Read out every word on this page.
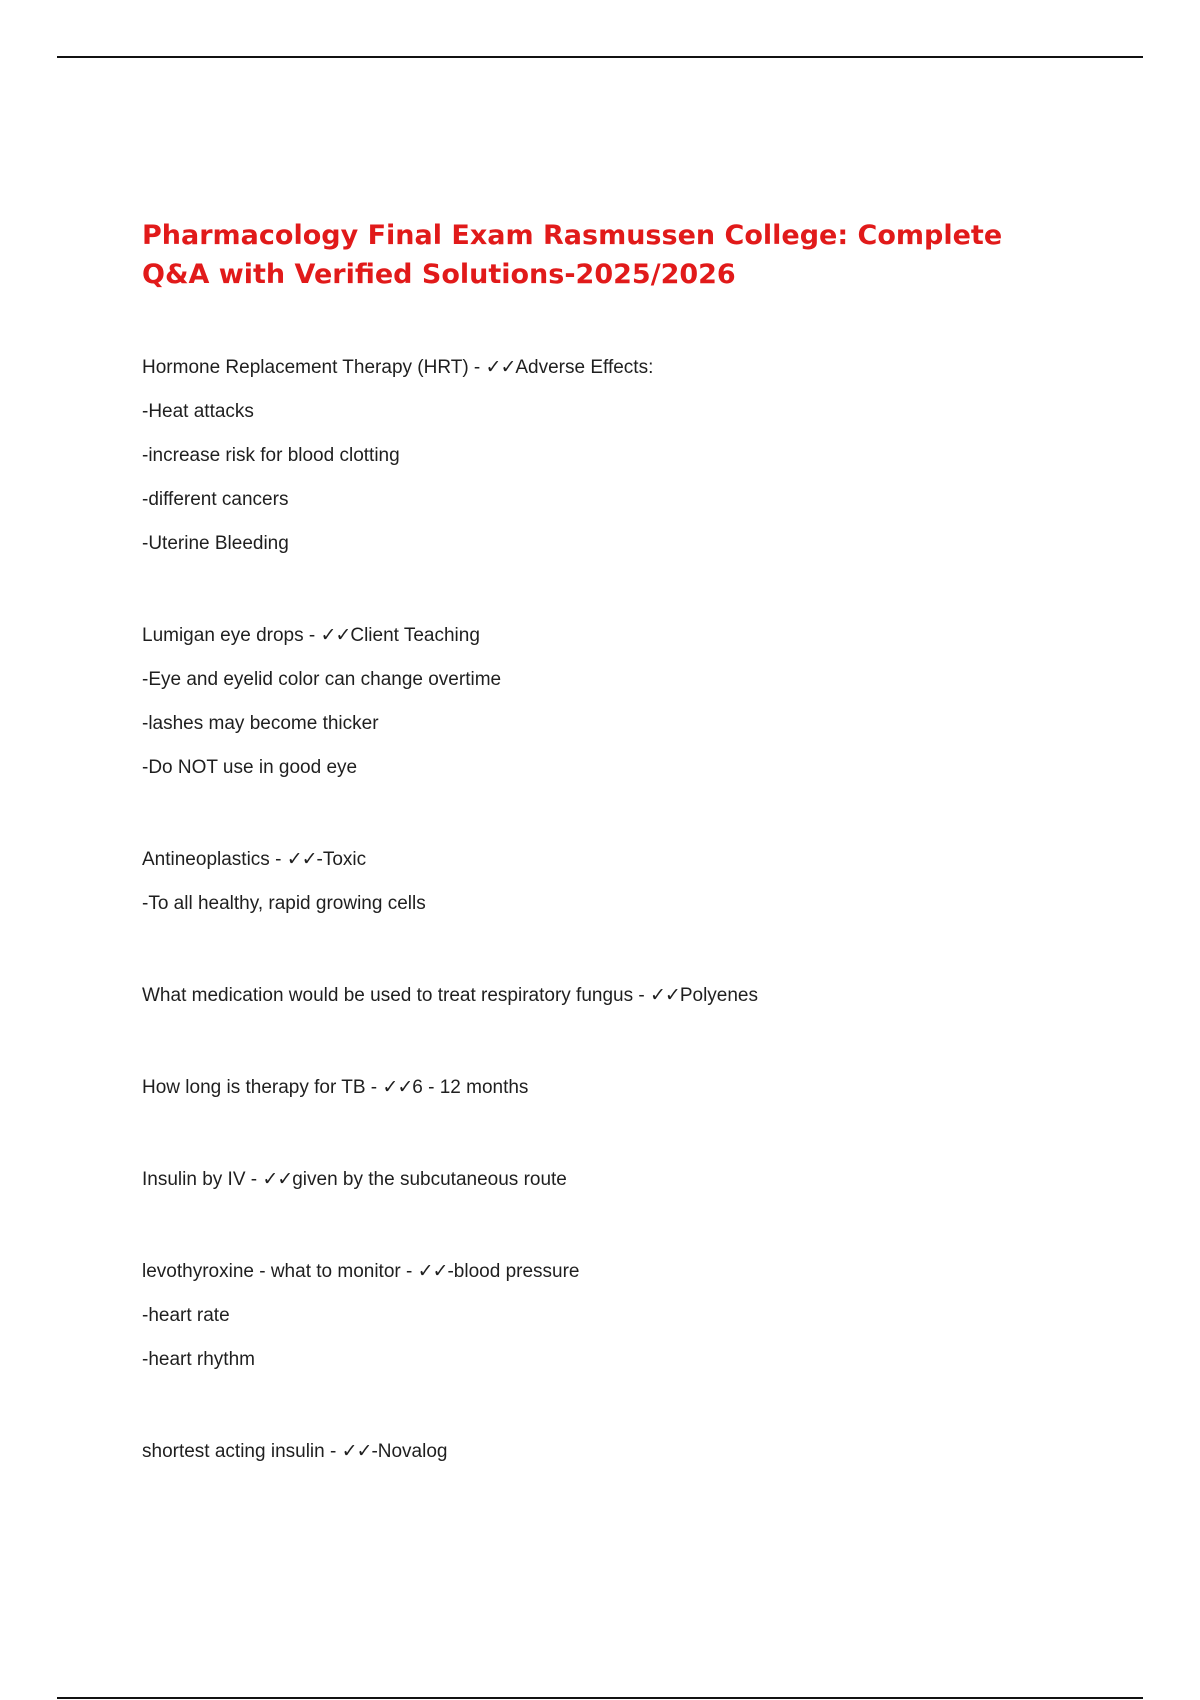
Pharmacology Final Exam Rasmussen College: Complete
Q&A with Verified Solutions-2025/2026
Hormone Replacement Therapy (HRT) - ✓✓Adverse Effects:
-Heat attacks
-increase risk for blood clotting
-different cancers
-Uterine Bleeding
Lumigan eye drops - ✓✓Client Teaching
-Eye and eyelid color can change overtime
-lashes may become thicker
-Do NOT use in good eye
Antineoplastics - ✓✓-Toxic
-To all healthy, rapid growing cells
What medication would be used to treat respiratory fungus - ✓✓Polyenes
How long is therapy for TB - ✓✓6 - 12 months
Insulin by IV - ✓✓given by the subcutaneous route
levothyroxine - what to monitor - ✓✓-blood pressure
-heart rate
-heart rhythm
shortest acting insulin - ✓✓-Novalog
